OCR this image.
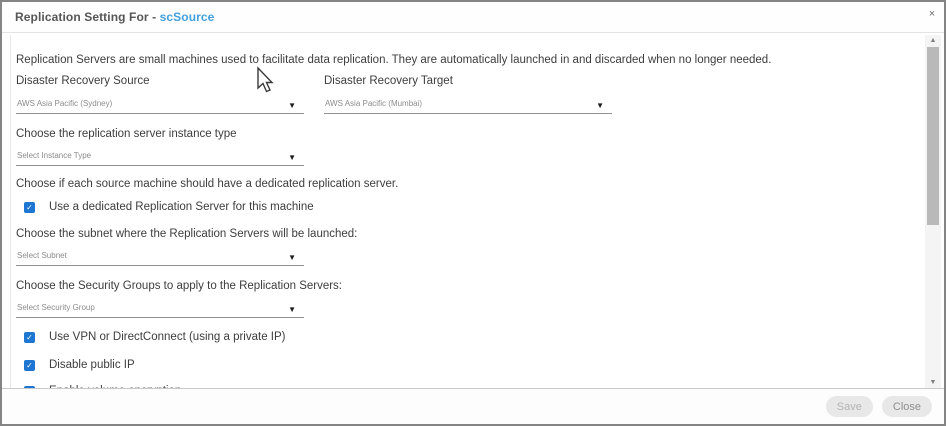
Replication Setting For - scSource	×
Replication Servers are small machines used to facilitate data replication. They are automatically launched in and discarded when no longer needed.
Disaster Recovery Source	Disaster Recovery Target
AWS Asia Pacific (Sydney)	▼	AWS Asia Pacific (Mumbai)	▼
Choose the replication server instance type
Select Instance Type	▼
Choose if each source machine should have a dedicated replication server.
✓ Use a dedicated Replication Server for this machine
Choose the subnet where the Replication Servers will be launched:
Select Subnet	▼
Choose the Security Groups to apply to the Replication Servers:
Select Security Group	▼
✓ Use VPN or DirectConnect (using a private IP)
✓ Disable public IP
▲
▼
Save	Close
